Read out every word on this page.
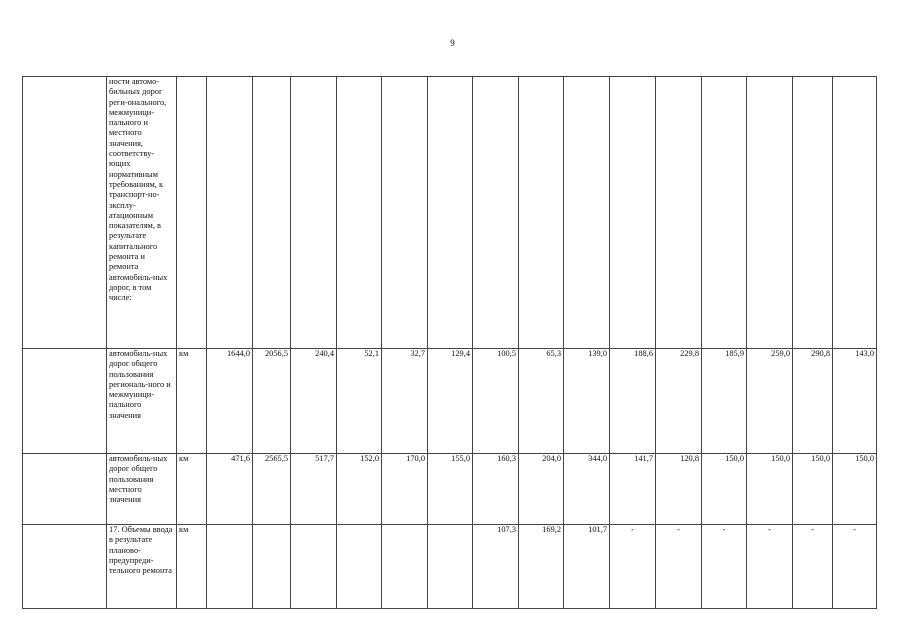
9
	ности автомо-бильных дорог реги-онального, межмуници-пального и местного значения, соответству-ющих нормативным требованиям, к транспорт-но-эксплу-атационным показателям, в результате капитального ремонта и ремонта автомобиль-ных дорог, в том числе:																
	автомобиль-ных дорог общего пользования региональ-ного и межмуници-пального значения	км	1644,0	2056,5	240,4	52,1	32,7	129,4	100,5	65,3	139,0	188,6	229,8	185,9	259,0	290,8	143,0
	автомобиль-ных дорог общего пользования местного значения	км	471,6	2565,5	517,7	152,0	170,0	155,0	160,3	204,0	344,0	141,7	120,8	150,0	150,0	150,0	150,0
	17. Объемы ввода в результате планово-предупреди-тельного ремонта	км							107,3	169,2	101,7	-	-	-	-	-	-
